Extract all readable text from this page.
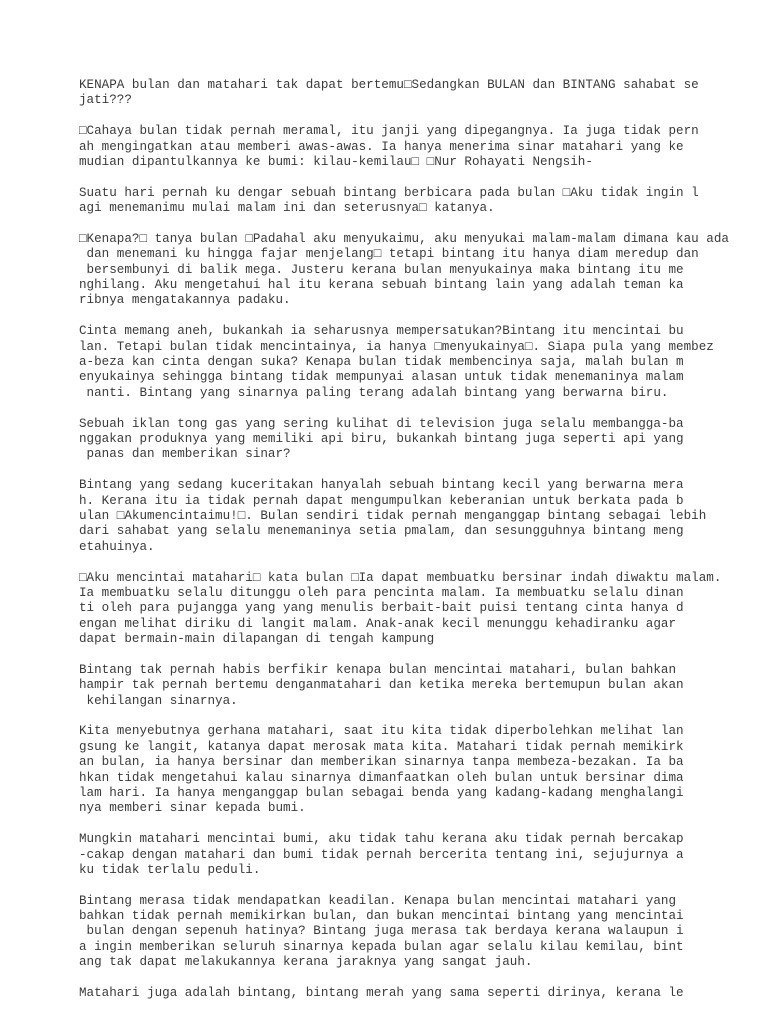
KENAPA bulan dan matahari tak dapat bertemu□Sedangkan BULAN dan BINTANG sahabat se
jati???
□Cahaya bulan tidak pernah meramal, itu janji yang dipegangnya. Ia juga tidak pern
ah mengingatkan atau memberi awas-awas. Ia hanya menerima sinar matahari yang ke
mudian dipantulkannya ke bumi: kilau-kemilau□ □Nur Rohayati Nengsih-
Suatu hari pernah ku dengar sebuah bintang berbicara pada bulan □Aku tidak ingin l
agi menemanimu mulai malam ini dan seterusnya□ katanya.
□Kenapa?□ tanya bulan □Padahal aku menyukaimu, aku menyukai malam-malam dimana kau ada
dan menemani ku hingga fajar menjelang□ tetapi bintang itu hanya diam meredup dan
bersembunyi di balik mega. Justeru kerana bulan menyukainya maka bintang itu me
nghilang. Aku mengetahui hal itu kerana sebuah bintang lain yang adalah teman ka
ribnya mengatakannya padaku.
Cinta memang aneh, bukankah ia seharusnya mempersatukan?Bintang itu mencintai bu
lan. Tetapi bulan tidak mencintainya, ia hanya □menyukainya□. Siapa pula yang membez
a-beza kan cinta dengan suka? Kenapa bulan tidak membencinya saja, malah bulan m
enyukainya sehingga bintang tidak mempunyai alasan untuk tidak menemaninya malam
nanti. Bintang yang sinarnya paling terang adalah bintang yang berwarna biru.
Sebuah iklan tong gas yang sering kulihat di television juga selalu membangga-ba
nggakan produknya yang memiliki api biru, bukankah bintang juga seperti api yang
panas dan memberikan sinar?
Bintang yang sedang kuceritakan hanyalah sebuah bintang kecil yang berwarna mera
h. Kerana itu ia tidak pernah dapat mengumpulkan keberanian untuk berkata pada b
ulan □Akumencintaimu!□. Bulan sendiri tidak pernah menganggap bintang sebagai lebih
dari sahabat yang selalu menemaninya setia pmalam, dan sesungguhnya bintang meng
etahuinya.
□Aku mencintai matahari□ kata bulan □Ia dapat membuatku bersinar indah diwaktu malam.
Ia membuatku selalu ditunggu oleh para pencinta malam. Ia membuatku selalu dinan
ti oleh para pujangga yang yang menulis berbait-bait puisi tentang cinta hanya d
engan melihat diriku di langit malam. Anak-anak kecil menunggu kehadiranku agar
dapat bermain-main dilapangan di tengah kampung
Bintang tak pernah habis berfikir kenapa bulan mencintai matahari, bulan bahkan
hampir tak pernah bertemu denganmatahari dan ketika mereka bertemupun bulan akan
kehilangan sinarnya.
Kita menyebutnya gerhana matahari, saat itu kita tidak diperbolehkan melihat lan
gsung ke langit, katanya dapat merosak mata kita. Matahari tidak pernah memikirk
an bulan, ia hanya bersinar dan memberikan sinarnya tanpa membeza-bezakan. Ia ba
hkan tidak mengetahui kalau sinarnya dimanfaatkan oleh bulan untuk bersinar dima
lam hari. Ia hanya menganggap bulan sebagai benda yang kadang-kadang menghalangi
nya memberi sinar kepada bumi.
Mungkin matahari mencintai bumi, aku tidak tahu kerana aku tidak pernah bercakap
-cakap dengan matahari dan bumi tidak pernah bercerita tentang ini, sejujurnya a
ku tidak terlalu peduli.
Bintang merasa tidak mendapatkan keadilan. Kenapa bulan mencintai matahari yang
bahkan tidak pernah memikirkan bulan, dan bukan mencintai bintang yang mencintai
bulan dengan sepenuh hatinya? Bintang juga merasa tak berdaya kerana walaupun i
a ingin memberikan seluruh sinarnya kepada bulan agar selalu kilau kemilau, bint
ang tak dapat melakukannya kerana jaraknya yang sangat jauh.
Matahari juga adalah bintang, bintang merah yang sama seperti dirinya, kerana le
